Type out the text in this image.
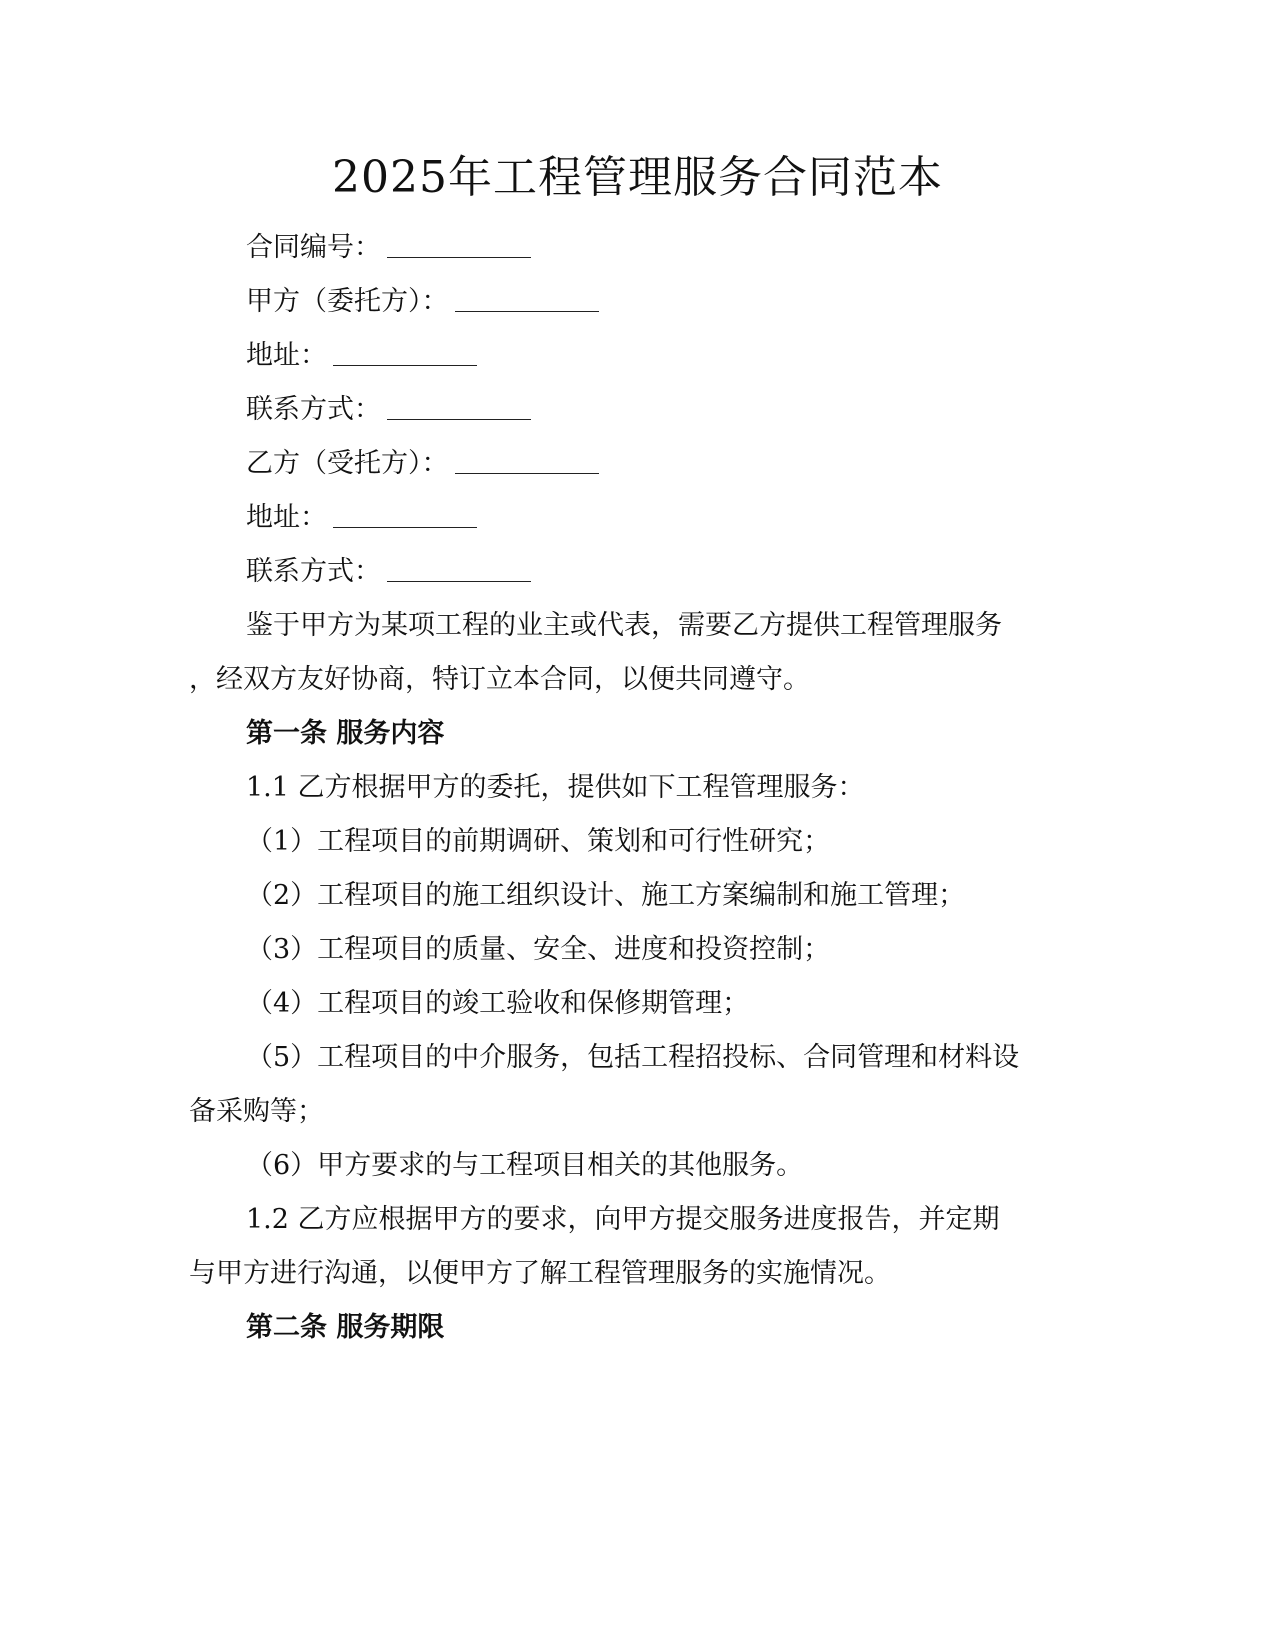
2025年工程管理服务合同范本
合同编号：
甲方（委托方）：
地址：
联系方式：
乙方（受托方）：
地址：
联系方式：
鉴于甲方为某项工程的业主或代表，需要乙方提供工程管理服务
，经双方友好协商，特订立本合同，以便共同遵守。
第一条 服务内容
1.1 乙方根据甲方的委托，提供如下工程管理服务：
（1）工程项目的前期调研、策划和可行性研究；
（2）工程项目的施工组织设计、施工方案编制和施工管理；
（3）工程项目的质量、安全、进度和投资控制；
（4）工程项目的竣工验收和保修期管理；
（5）工程项目的中介服务，包括工程招投标、合同管理和材料设
备采购等；
（6）甲方要求的与工程项目相关的其他服务。
1.2 乙方应根据甲方的要求，向甲方提交服务进度报告，并定期
与甲方进行沟通，以便甲方了解工程管理服务的实施情况。
第二条 服务期限
